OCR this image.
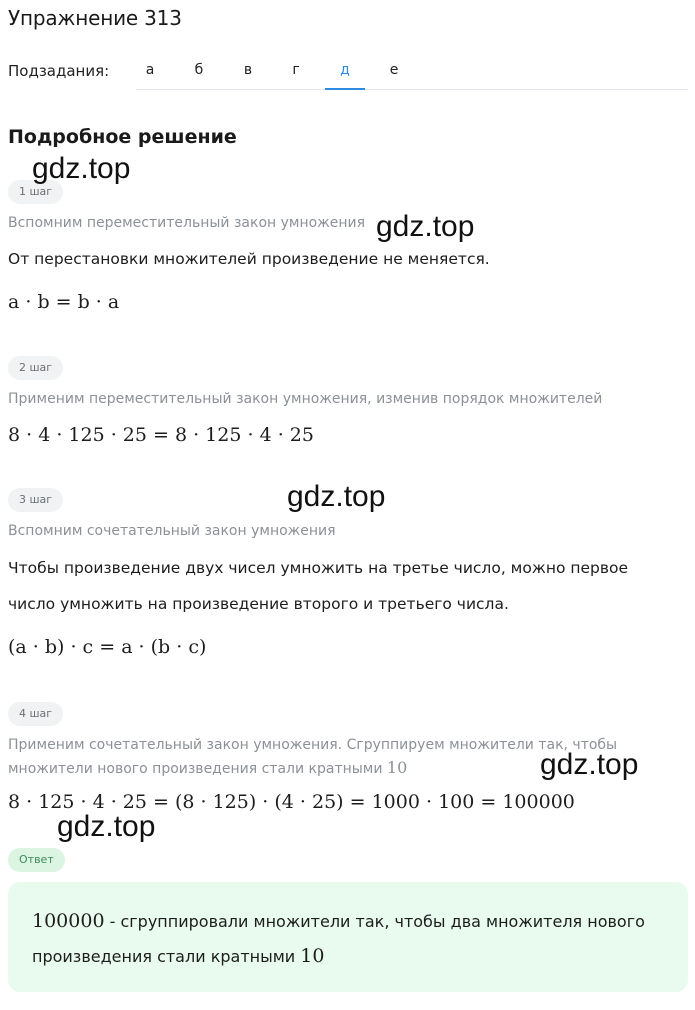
Упражнение 313
Подзадания:	а	б	в	г	д	е
Подробное решение
1 шаг
Вспомним переместительный закон умножения
От перестановки множителей произведение не меняется.
a · b = b · a
2 шаг
Применим переместительный закон умножения, изменив порядок множителей
8 · 4 · 125 · 25 = 8 · 125 · 4 · 25
3 шаг
Вспомним сочетательный закон умножения
Чтобы произведение двух чисел умножить на третье число, можно первое
число умножить на произведение второго и третьего числа.
(a · b) · c = a · (b · c)
4 шаг
Применим сочетательный закон умножения. Сгруппируем множители так, чтобы
множители нового произведения стали кратными 10
8 · 125 · 4 · 25 = (8 · 125) · (4 · 25) = 1000 · 100 = 100000
Ответ
100000 - сгруппировали множители так, чтобы два множителя нового
произведения стали кратными 10
gdz.top
gdz.top
gdz.top
gdz.top
gdz.top
